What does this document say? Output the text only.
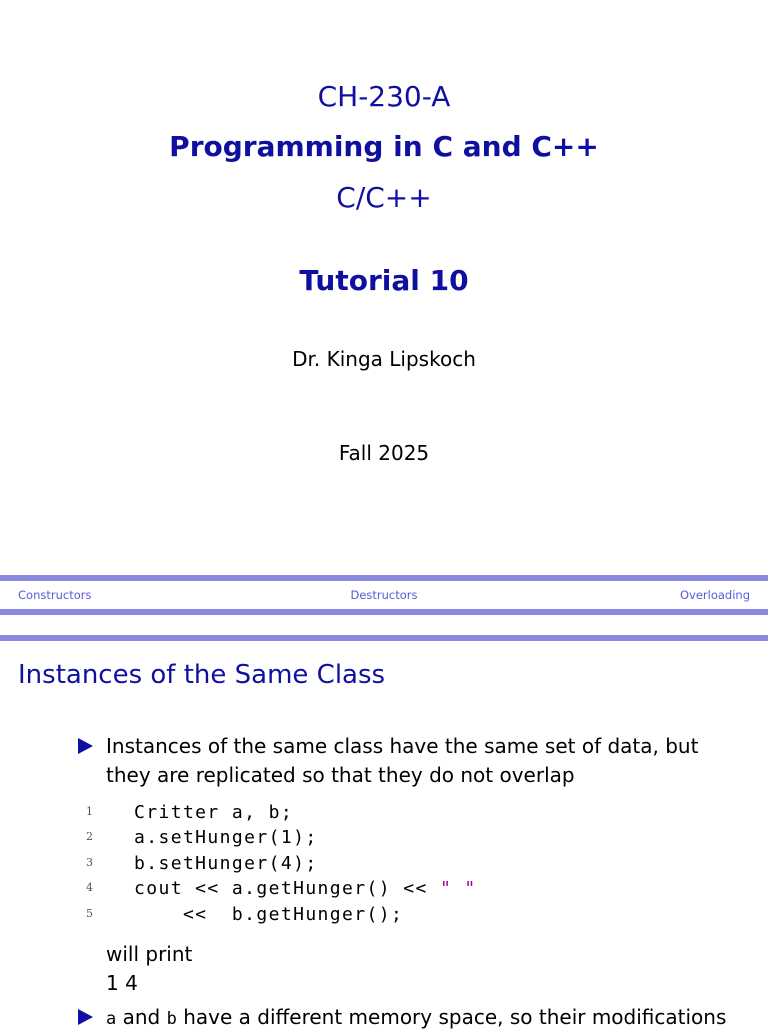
CH-230-A
Programming in C and C++
C/C++
Tutorial 10
Dr. Kinga Lipskoch
Fall 2025
Constructors	Destructors	Overloading
Instances of the Same Class
Instances of the same class have the same set of data, but
they are replicated so that they do not overlap

1

Critter a, b;

2

a.setHunger(1);

3

b.setHunger(4);

4

cout << a.getHunger() << " "

5

<<  b.getHunger();

will print
1 4
a and b have a different memory space, so their modifications
